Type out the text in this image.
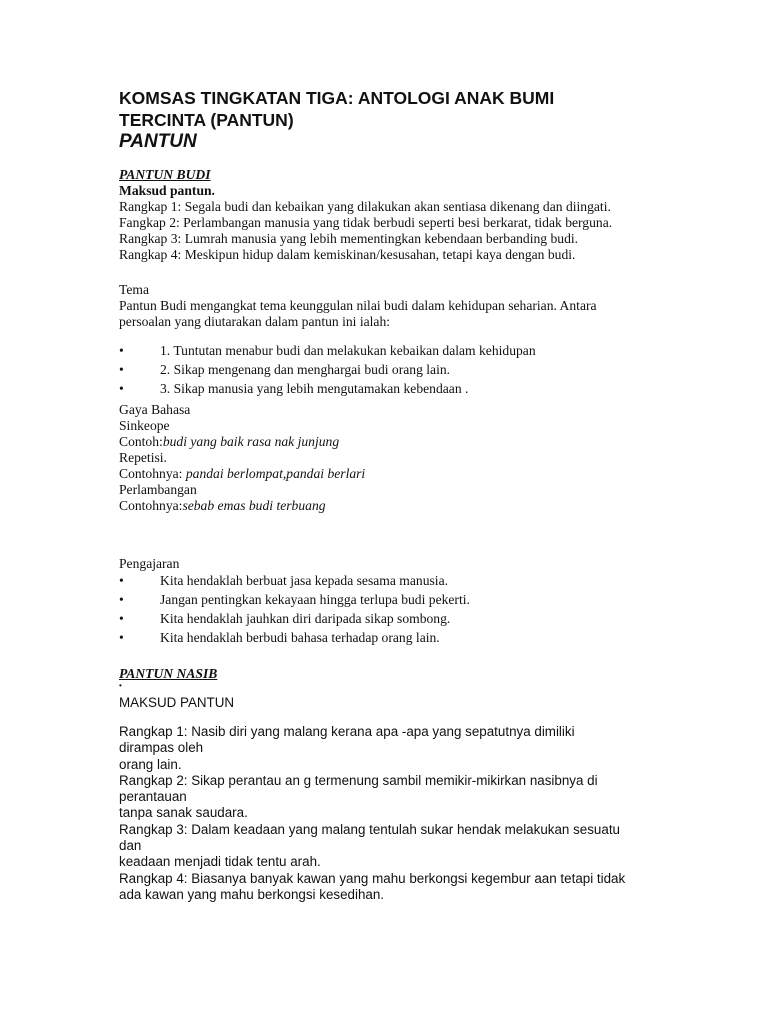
KOMSAS TINGKATAN TIGA: ANTOLOGI ANAK BUMI
TERCINTA (PANTUN)
PANTUN
PANTUN BUDI
Maksud pantun.
Rangkap 1: Segala budi dan kebaikan yang dilakukan akan sentiasa dikenang dan diingati.
Fangkap 2: Perlambangan manusia yang tidak berbudi seperti besi berkarat, tidak berguna.
Rangkap 3: Lumrah manusia yang lebih mementingkan kebendaan berbanding budi.
Rangkap 4: Meskipun hidup dalam kemiskinan/kesusahan, tetapi kaya dengan budi.
Tema
Pantun Budi mengangkat tema keunggulan nilai budi dalam kehidupan seharian. Antara
persoalan yang diutarakan dalam pantun ini ialah:
•	1. Tuntutan menabur budi dan melakukan kebaikan dalam kehidupan
•	2. Sikap mengenang dan menghargai budi orang lain.
•	3. Sikap manusia yang lebih mengutamakan kebendaan .
Gaya Bahasa
Sinkeope
Contoh:budi yang baik rasa nak junjung
Repetisi.
Contohnya: pandai berlompat,pandai berlari
Perlambangan
Contohnya:sebab emas budi terbuang
Pengajaran
•	Kita hendaklah berbuat jasa kepada sesama manusia.
•	Jangan pentingkan kekayaan hingga terlupa budi pekerti.
•	Kita hendaklah jauhkan diri daripada sikap sombong.
•	Kita hendaklah berbudi bahasa terhadap orang lain.
PANTUN NASIB
•
MAKSUD PANTUN
Rangkap 1: Nasib diri yang malang kerana apa -apa yang sepatutnya dimiliki
dirampas oleh
orang lain.
Rangkap 2: Sikap perantau an g termenung sambil memikir-mikirkan nasibnya di
perantauan
tanpa sanak saudara.
Rangkap 3: Dalam keadaan yang malang tentulah sukar hendak melakukan sesuatu
dan
keadaan menjadi tidak tentu arah.
Rangkap 4: Biasanya banyak kawan yang mahu berkongsi kegembur aan tetapi tidak
ada kawan yang mahu berkongsi kesedihan.
